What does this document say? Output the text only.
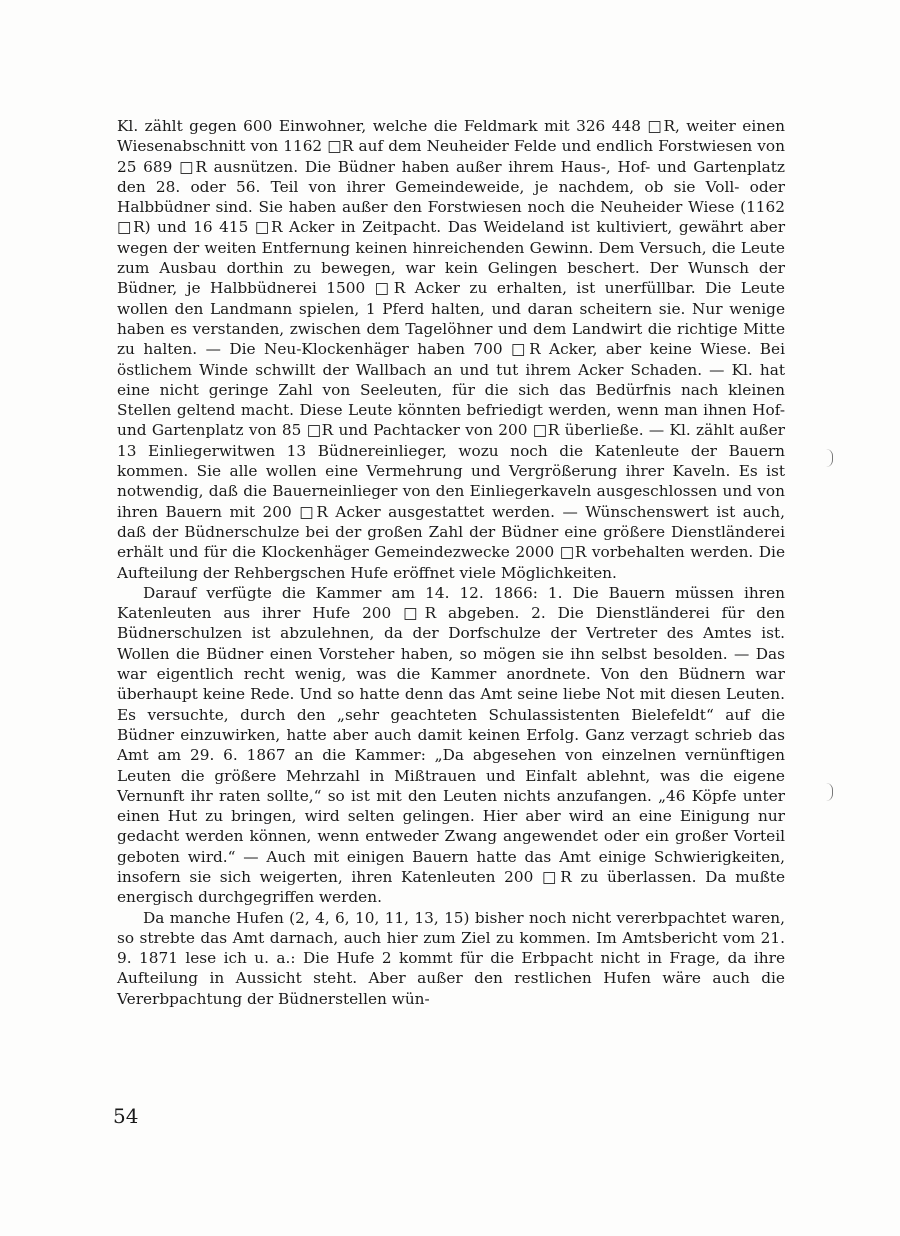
Kl. zählt gegen 600 Einwohner, welche die Feldmark mit 326 448 □R, weiter einen Wiesenabschnitt von 1162 □R auf dem Neuheider Felde und endlich Forstwiesen von 25 689 □R ausnützen. Die Büdner haben außer ihrem Haus-, Hof- und Gartenplatz den 28. oder 56. Teil von ihrer Gemeindeweide, je nachdem, ob sie Voll- oder Halbbüdner sind. Sie haben außer den Forstwiesen noch die Neuheider Wiese (1162 □R) und 16 415 □R Acker in Zeitpacht. Das Weideland ist kultiviert, gewährt aber wegen der weiten Entfernung keinen hinreichenden Gewinn. Dem Versuch, die Leute zum Ausbau dorthin zu bewegen, war kein Gelingen beschert. Der Wunsch der Büdner, je Halbbüdnerei 1500 □R Acker zu erhalten, ist unerfüllbar. Die Leute wollen den Landmann spielen, 1 Pferd halten, und daran scheitern sie. Nur wenige haben es verstanden, zwischen dem Tagelöhner und dem Landwirt die richtige Mitte zu halten. — Die Neu-Klockenhäger haben 700 □R Acker, aber keine Wiese. Bei östlichem Winde schwillt der Wallbach an und tut ihrem Acker Schaden. — Kl. hat eine nicht geringe Zahl von Seeleuten, für die sich das Bedürfnis nach kleinen Stellen geltend macht. Diese Leute könnten befriedigt werden, wenn man ihnen Hof- und Gartenplatz von 85 □R und Pachtacker von 200 □R überließe. — Kl. zählt außer 13 Einliegerwitwen 13 Büdnereinlieger, wozu noch die Katenleute der Bauern kommen. Sie alle wollen eine Vermehrung und Vergrößerung ihrer Kaveln. Es ist notwendig, daß die Bauerneinlieger von den Einliegerkaveln ausgeschlossen und von ihren Bauern mit 200 □R Acker ausgestattet werden. — Wünschenswert ist auch, daß der Büdnerschulze bei der großen Zahl der Büdner eine größere Dienstländerei erhält und für die Klockenhäger Gemeindezwecke 2000 □R vorbehalten werden. Die Aufteilung der Rehbergschen Hufe eröffnet viele Möglichkeiten.

Darauf verfügte die Kammer am 14. 12. 1866: 1. Die Bauern müssen ihren Katenleuten aus ihrer Hufe 200 □R abgeben. 2. Die Dienstländerei für den Büdnerschulzen ist abzulehnen, da der Dorfschulze der Vertreter des Amtes ist. Wollen die Büdner einen Vorsteher haben, so mögen sie ihn selbst besolden. — Das war eigentlich recht wenig, was die Kammer anordnete. Von den Büdnern war überhaupt keine Rede. Und so hatte denn das Amt seine liebe Not mit diesen Leuten. Es versuchte, durch den „sehr geachteten Schulassistenten Bielefeldt“ auf die Büdner einzuwirken, hatte aber auch damit keinen Erfolg. Ganz verzagt schrieb das Amt am 29. 6. 1867 an die Kammer: „Da abgesehen von einzelnen vernünftigen Leuten die größere Mehrzahl in Mißtrauen und Einfalt ablehnt, was die eigene Vernunft ihr raten sollte,“ so ist mit den Leuten nichts anzufangen. „46 Köpfe unter einen Hut zu bringen, wird selten gelingen. Hier aber wird an eine Einigung nur gedacht werden können, wenn entweder Zwang angewendet oder ein großer Vorteil geboten wird.“ — Auch mit einigen Bauern hatte das Amt einige Schwierigkeiten, insofern sie sich weigerten, ihren Katenleuten 200 □R zu überlassen. Da mußte energisch durchgegriffen werden.

Da manche Hufen (2, 4, 6, 10, 11, 13, 15) bisher noch nicht vererbpachtet waren, so strebte das Amt darnach, auch hier zum Ziel zu kommen. Im Amtsbericht vom 21. 9. 1871 lese ich u. a.: Die Hufe 2 kommt für die Erbpacht nicht in Frage, da ihre Aufteilung in Aussicht steht. Aber außer den restlichen Hufen wäre auch die Vererbpachtung der Büdnerstellen wün-

54
